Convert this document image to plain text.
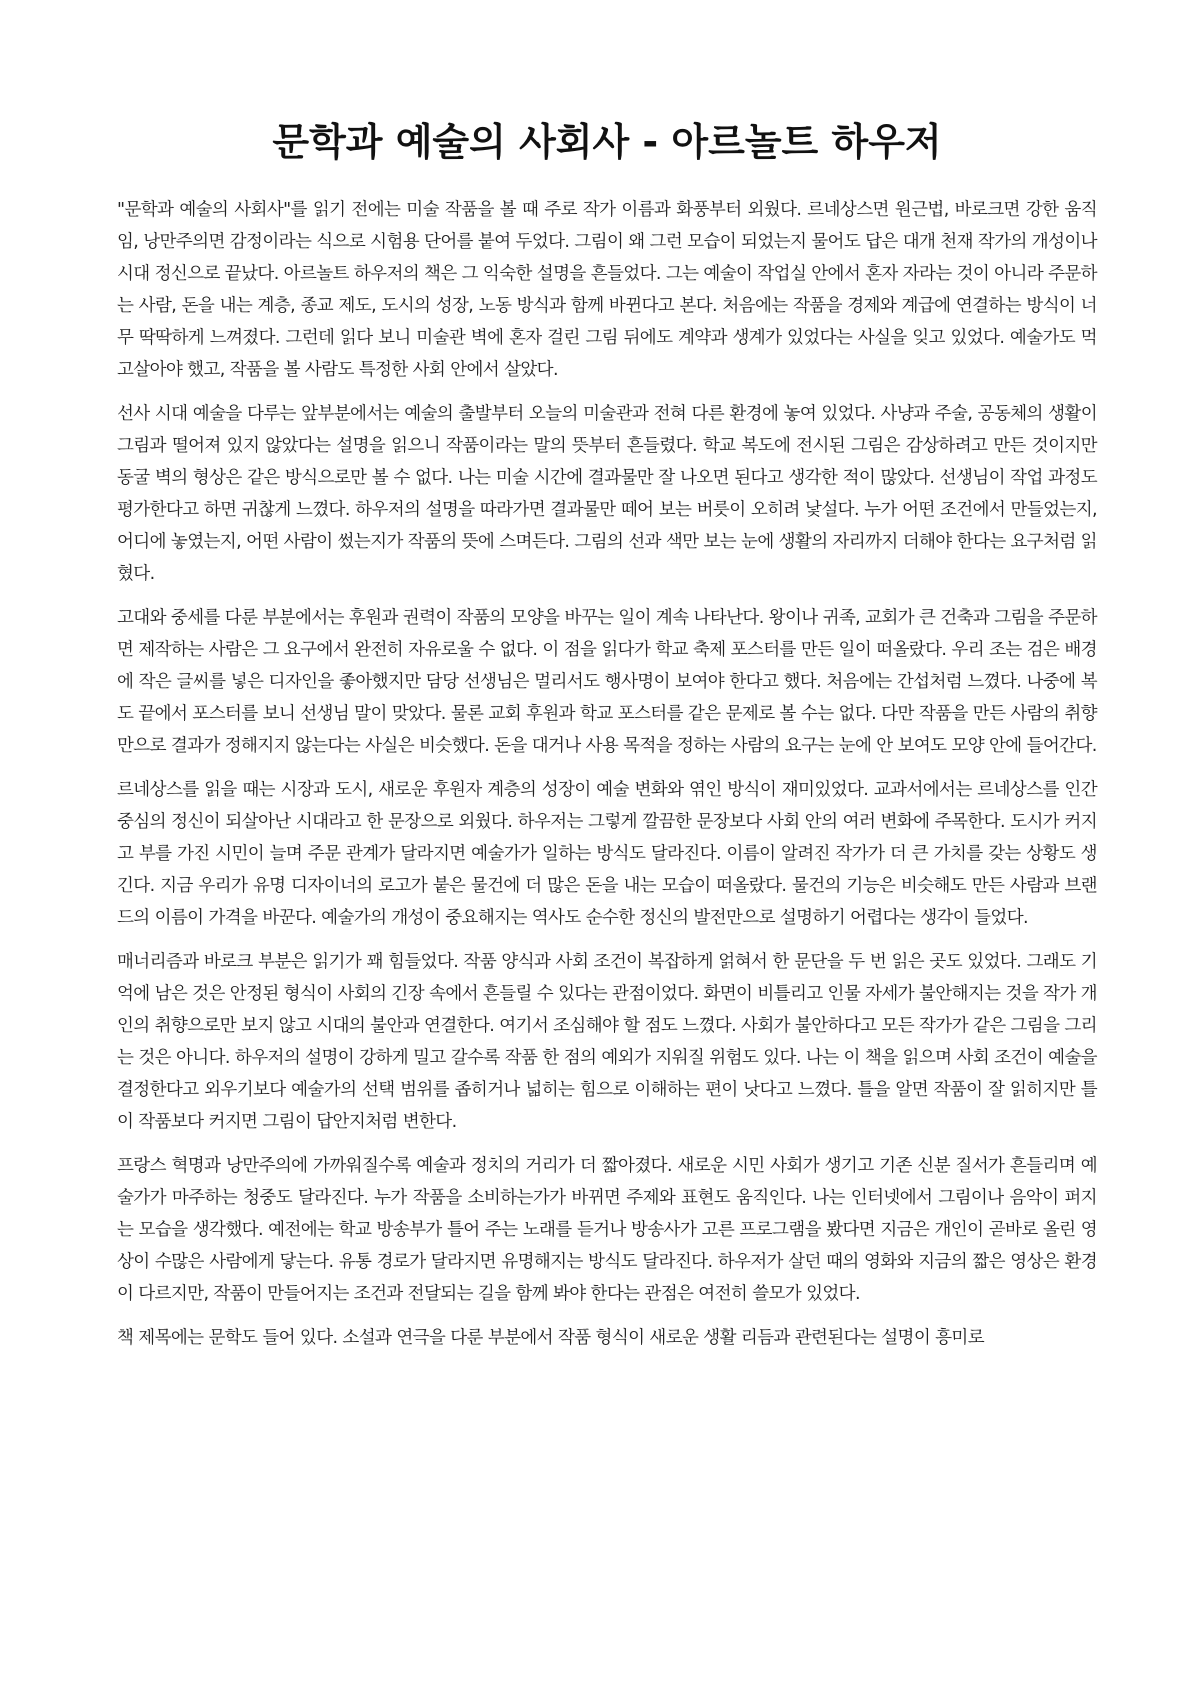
문학과 예술의 사회사 - 아르놀트 하우저

"문학과 예술의 사회사"를 읽기 전에는 미술 작품을 볼 때 주로 작가 이름과 화풍부터 외웠다. 르네상스면 원근법, 바로크면 강한 움직임, 낭만주의면 감정이라는 식으로 시험용 단어를 붙여 두었다. 그림이 왜 그런 모습이 되었는지 물어도 답은 대개 천재 작가의 개성이나 시대 정신으로 끝났다. 아르놀트 하우저의 책은 그 익숙한 설명을 흔들었다. 그는 예술이 작업실 안에서 혼자 자라는 것이 아니라 주문하는 사람, 돈을 내는 계층, 종교 제도, 도시의 성장, 노동 방식과 함께 바뀐다고 본다. 처음에는 작품을 경제와 계급에 연결하는 방식이 너무 딱딱하게 느껴졌다. 그런데 읽다 보니 미술관 벽에 혼자 걸린 그림 뒤에도 계약과 생계가 있었다는 사실을 잊고 있었다. 예술가도 먹고살아야 했고, 작품을 볼 사람도 특정한 사회 안에서 살았다.

선사 시대 예술을 다루는 앞부분에서는 예술의 출발부터 오늘의 미술관과 전혀 다른 환경에 놓여 있었다. 사냥과 주술, 공동체의 생활이 그림과 떨어져 있지 않았다는 설명을 읽으니 작품이라는 말의 뜻부터 흔들렸다. 학교 복도에 전시된 그림은 감상하려고 만든 것이지만 동굴 벽의 형상은 같은 방식으로만 볼 수 없다. 나는 미술 시간에 결과물만 잘 나오면 된다고 생각한 적이 많았다. 선생님이 작업 과정도 평가한다고 하면 귀찮게 느꼈다. 하우저의 설명을 따라가면 결과물만 떼어 보는 버릇이 오히려 낯설다. 누가 어떤 조건에서 만들었는지, 어디에 놓였는지, 어떤 사람이 썼는지가 작품의 뜻에 스며든다. 그림의 선과 색만 보는 눈에 생활의 자리까지 더해야 한다는 요구처럼 읽혔다.

고대와 중세를 다룬 부분에서는 후원과 권력이 작품의 모양을 바꾸는 일이 계속 나타난다. 왕이나 귀족, 교회가 큰 건축과 그림을 주문하면 제작하는 사람은 그 요구에서 완전히 자유로울 수 없다. 이 점을 읽다가 학교 축제 포스터를 만든 일이 떠올랐다. 우리 조는 검은 배경에 작은 글씨를 넣은 디자인을 좋아했지만 담당 선생님은 멀리서도 행사명이 보여야 한다고 했다. 처음에는 간섭처럼 느꼈다. 나중에 복도 끝에서 포스터를 보니 선생님 말이 맞았다. 물론 교회 후원과 학교 포스터를 같은 문제로 볼 수는 없다. 다만 작품을 만든 사람의 취향만으로 결과가 정해지지 않는다는 사실은 비슷했다. 돈을 대거나 사용 목적을 정하는 사람의 요구는 눈에 안 보여도 모양 안에 들어간다.

르네상스를 읽을 때는 시장과 도시, 새로운 후원자 계층의 성장이 예술 변화와 엮인 방식이 재미있었다. 교과서에서는 르네상스를 인간 중심의 정신이 되살아난 시대라고 한 문장으로 외웠다. 하우저는 그렇게 깔끔한 문장보다 사회 안의 여러 변화에 주목한다. 도시가 커지고 부를 가진 시민이 늘며 주문 관계가 달라지면 예술가가 일하는 방식도 달라진다. 이름이 알려진 작가가 더 큰 가치를 갖는 상황도 생긴다. 지금 우리가 유명 디자이너의 로고가 붙은 물건에 더 많은 돈을 내는 모습이 떠올랐다. 물건의 기능은 비슷해도 만든 사람과 브랜드의 이름이 가격을 바꾼다. 예술가의 개성이 중요해지는 역사도 순수한 정신의 발전만으로 설명하기 어렵다는 생각이 들었다.

매너리즘과 바로크 부분은 읽기가 꽤 힘들었다. 작품 양식과 사회 조건이 복잡하게 얽혀서 한 문단을 두 번 읽은 곳도 있었다. 그래도 기억에 남은 것은 안정된 형식이 사회의 긴장 속에서 흔들릴 수 있다는 관점이었다. 화면이 비틀리고 인물 자세가 불안해지는 것을 작가 개인의 취향으로만 보지 않고 시대의 불안과 연결한다. 여기서 조심해야 할 점도 느꼈다. 사회가 불안하다고 모든 작가가 같은 그림을 그리는 것은 아니다. 하우저의 설명이 강하게 밀고 갈수록 작품 한 점의 예외가 지워질 위험도 있다. 나는 이 책을 읽으며 사회 조건이 예술을 결정한다고 외우기보다 예술가의 선택 범위를 좁히거나 넓히는 힘으로 이해하는 편이 낫다고 느꼈다. 틀을 알면 작품이 잘 읽히지만 틀이 작품보다 커지면 그림이 답안지처럼 변한다.

프랑스 혁명과 낭만주의에 가까워질수록 예술과 정치의 거리가 더 짧아졌다. 새로운 시민 사회가 생기고 기존 신분 질서가 흔들리며 예술가가 마주하는 청중도 달라진다. 누가 작품을 소비하는가가 바뀌면 주제와 표현도 움직인다. 나는 인터넷에서 그림이나 음악이 퍼지는 모습을 생각했다. 예전에는 학교 방송부가 틀어 주는 노래를 듣거나 방송사가 고른 프로그램을 봤다면 지금은 개인이 곧바로 올린 영상이 수많은 사람에게 닿는다. 유통 경로가 달라지면 유명해지는 방식도 달라진다. 하우저가 살던 때의 영화와 지금의 짧은 영상은 환경이 다르지만, 작품이 만들어지는 조건과 전달되는 길을 함께 봐야 한다는 관점은 여전히 쓸모가 있었다.

책 제목에는 문학도 들어 있다. 소설과 연극을 다룬 부분에서 작품 형식이 새로운 생활 리듬과 관련된다는 설명이 흥미로
